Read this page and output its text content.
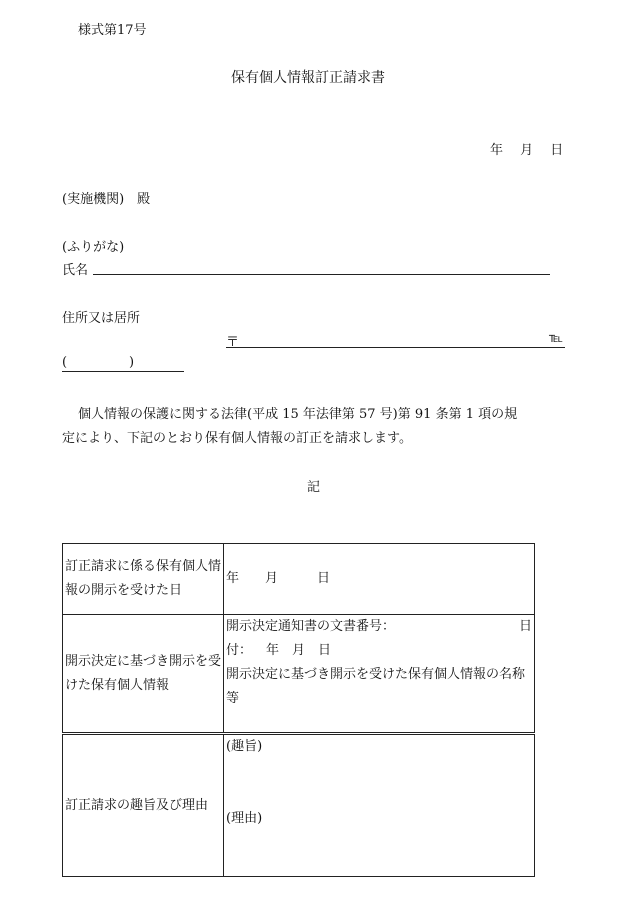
様式第17号
保有個人情報訂正請求書
年　 月　 日
(実施機関)　殿
(ふりがな)
氏名
住所又は居所
〒	℡
(	)
個人情報の保護に関する法律(平成 15 年法律第 57 号)第 91 条第 1 項の規
定により、下記のとおり保有個人情報の訂正を請求します。
記
訂正請求に係る保有個人情報の開示を受けた日	年　　月　　　日
開示決定に基づき開示を受けた保有個人情報	開示決定通知書の文書番号： 日
付： 年　月　日
開示決定に基づき開示を受けた保有個人情報の名称等

訂正請求の趣旨及び理由	(趣旨)
(理由)
